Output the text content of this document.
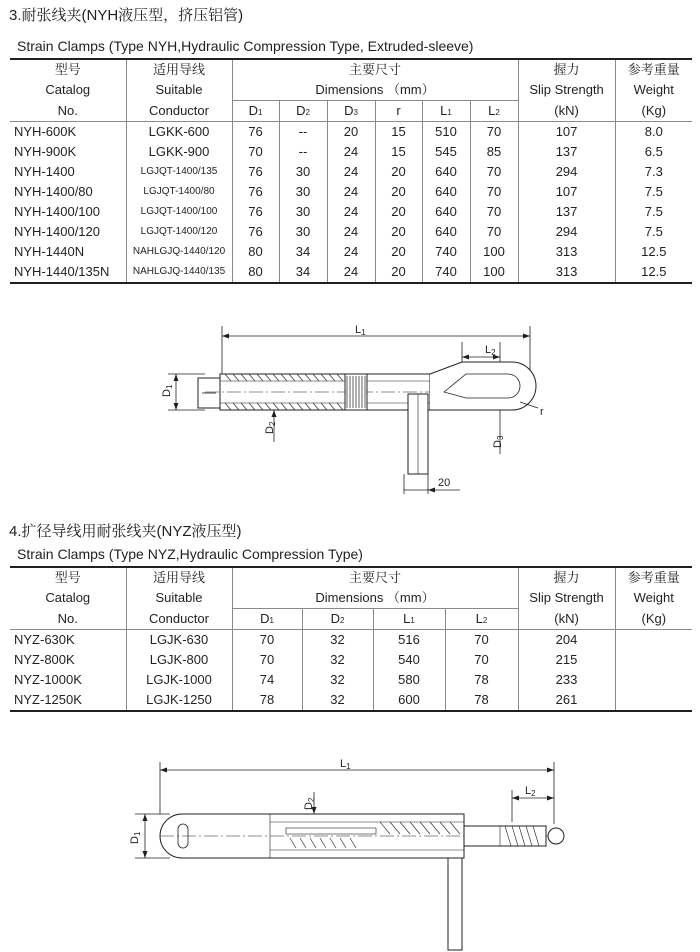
3.耐张线夹(NYH液压型，挤压铝管)
Strain Clamps (Type NYH,Hydraulic Compression Type, Extruded-sleeve)
型号	适用导线	主要尺寸						握力	参考重量
Catalog	Suitable	Dimensions （mm）						Slip Strength	Weight
No.	Conductor	$D_1$	$D_2$	$D_3$	r	$L_1$	$L_2$	(kN)	(Kg)
NYH-600K	LGKK-600	76	--	20	15	510	70	107	8.0
NYH-900K	LGKK-900	70	--	24	15	545	85	137	6.5
NYH-1400	LGJQT-1400/135	76	30	24	20	640	70	294	7.3
NYH-1400/80	LGJQT-1400/80	76	30	24	20	640	70	107	7.5
NYH-1400/100	LGJQT-1400/100	76	30	24	20	640	70	137	7.5
NYH-1400/120	LGJQT-1400/120	76	30	24	20	640	70	294	7.5
NYH-1440N	NAHLGJQ-1440/120	80	34	24	20	740	100	313	12.5
NYH-1440/135N	NAHLGJQ-1440/135	80	34	24	20	740	100	313	12.5
L1
L2
D1
r
D2
20
D3
4.扩径导线用耐张线夹(NYZ液压型)
Strain Clamps (Type NYZ,Hydraulic Compression Type)
型号	适用导线	主要尺寸				握力	参考重量
Catalog	Suitable	Dimensions （mm）				Slip Strength	Weight
No.	Conductor	$D_1$	$D_2$	$L_1$	$L_2$	(kN)	(Kg)
NYZ-630K	LGJK-630	70	32	516	70	204	
NYZ-800K	LGJK-800	70	32	540	70	215	
NYZ-1000K	LGJK-1000	74	32	580	78	233	
NYZ-1250K	LGJK-1250	78	32	600	78	261	
L1
L2
D1
D2
